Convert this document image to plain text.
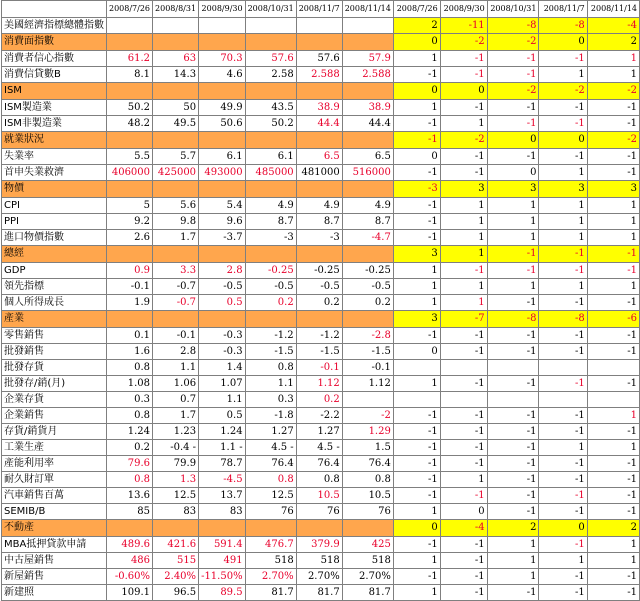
	2008/7/26	2008/8/31	2008/9/30	2008/10/31	2008/11/7	2008/11/14	2008/7/26	2008/9/30	2008/10/31	2008/11/7	2008/11/14
美國經濟指標總體指數							2	-11	-8	-8	-4
消費面指數							0	-2	-2	0	2
消費者信心指數	61.2	63	70.3	57.6	57.6	57.9	1	-1	-1	-1	1
消費信貸數B	8.1	14.3	4.6	2.58	2.588	2.588	-1	-1	-1	1	1
ISM							0	0	-2	-2	-2
ISM製造業	50.2	50	49.9	43.5	38.9	38.9	1	-1	-1	-1	-1
ISM非製造業	48.2	49.5	50.6	50.2	44.4	44.4	-1	1	-1	-1	-1
就業狀況							-1	-2	0	0	-2
失業率	5.5	5.7	6.1	6.1	6.5	6.5	0	-1	-1	-1	-1
首申失業救濟	406000	425000	493000	485000	481000	516000	-1	-1	0	1	-1
物價							-3	3	3	3	3
CPI	5	5.6	5.4	4.9	4.9	4.9	-1	1	1	1	1
PPI	9.2	9.8	9.6	8.7	8.7	8.7	-1	1	1	1	1
進口物價指數	2.6	1.7	-3.7	-3	-3	-4.7	-1	1	1	1	1
總經							3	1	-1	-1	-1
GDP	0.9	3.3	2.8	-0.25	-0.25	-0.25	1	-1	-1	-1	-1
領先指標	-0.1	-0.7	-0.5	-0.5	-0.5	-0.5	1	1	1	1	1
個人所得成長	1.9	-0.7	0.5	0.2	0.2	0.2	1	1	-1	-1	-1
產業							3	-7	-8	-8	-6
零售銷售	0.1	-0.1	-0.3	-1.2	-1.2	-2.8	-1	-1	-1	-1	-1
批發銷售	1.6	2.8	-0.3	-1.5	-1.5	-1.5	0	-1	-1	-1	-1
批發存貨	0.8	1.1	1.4	0.8	-0.1	-0.1					
批發存/銷(月)	1.08	1.06	1.07	1.1	1.12	1.12	1	-1	-1	-1	-1
企業存貨	0.3	0.7	1.1	0.3	0.2						
企業銷售	0.8	1.7	0.5	-1.8	-2.2	-2	-1	-1	-1	-1	1
存貨/銷貨月	1.24	1.23	1.24	1.27	1.27	1.29	-1	-1	-1	-1	-1
工業生產	0.2	-0.4 -	1.1 -	4.5 -	4.5 -	1.5	-1	-1	-1	1	1
產能利用率	79.6	79.9	78.7	76.4	76.4	76.4	-1	-1	-1	-1	-1
耐久財訂單	0.8	1.3	-4.5	0.8	0.8	0.8	-1	1	-1	-1	-1
汽車銷售百萬	13.6	12.5	13.7	12.5	10.5	10.5	-1	-1	-1	-1	-1
SEMIB/B	85	83	83	76	76	76	1	0	-1	-1	-1
不動產							0	-4	2	0	2
MBA抵押貸款申請	489.6	421.6	591.4	476.7	379.9	425	-1	-1	1	-1	1
中古屋銷售	486	515	491	518	518	518	1	-1	1	1	1
新屋銷售	-0.60%	2.40%	-11.50%	2.70%	2.70%	2.70%	-1	-1	1	-1	-1
新建照	109.1	96.5	89.5	81.7	81.7	81.7	1	-1	-1	-1	-1
